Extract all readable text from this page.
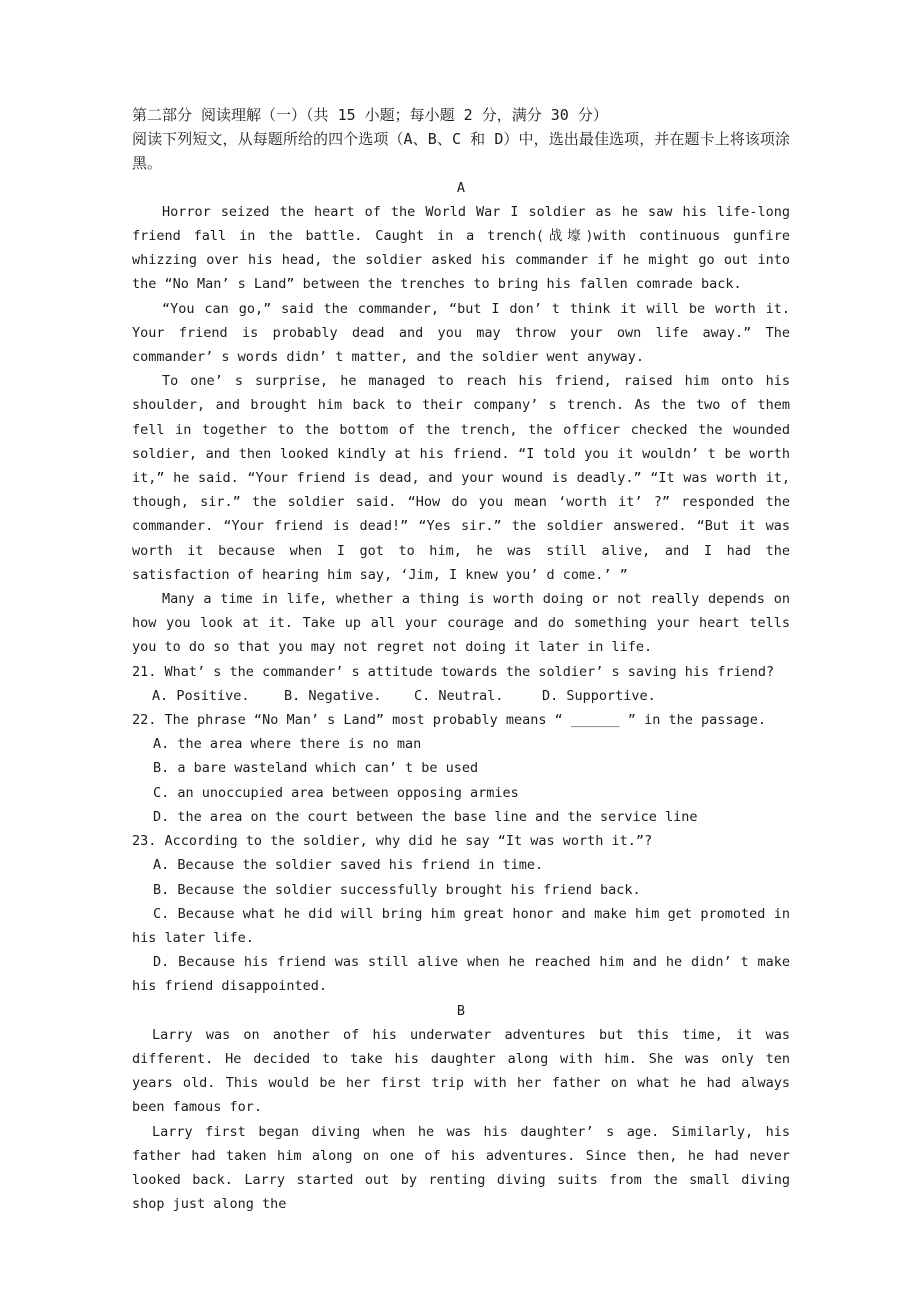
第二部分 阅读理解（一）（共 15 小题；每小题 2 分，满分 30 分）

阅读下列短文，从每题所给的四个选项（A、B、C 和 D）中，选出最佳选项，并在题卡上将该项涂黑。

A

Horror seized the heart of the World War I soldier as he saw his life-long friend fall in the battle. Caught in a trench(战壕)with continuous gunfire whizzing over his head, the soldier asked his commander if he might go out into the “No Man’ s Land” between the trenches to bring his fallen comrade back.

“You can go,” said the commander, “but I don’ t think it will be worth it. Your friend is probably dead and you may throw your own life away.” The commander’ s words didn’ t matter, and the soldier went anyway.

To one’ s surprise, he managed to reach his friend, raised him onto his shoulder, and brought him back to their company’ s trench. As the two of them fell in together to the bottom of the trench, the officer checked the wounded soldier, and then looked kindly at his friend. “I told you it wouldn’ t be worth it,” he said. “Your friend is dead, and your wound is deadly.” “It was worth it, though, sir.” the soldier said. “How do you mean ‘worth it’ ?” responded the commander. “Your friend is dead!” “Yes sir.” the soldier answered. “But it was worth it because when I got to him, he was still alive, and I had the satisfaction of hearing him say, ‘Jim, I knew you’ d come.’ ”

Many a time in life, whether a thing is worth doing or not really depends on how you look at it. Take up all your courage and do something your heart tells you to do so that you may not regret not doing it later in life.

21. What’ s the commander’ s attitude towards the soldier’ s saving his friend?

A. Positive.	B. Negative.	C. Neutral.	D. Supportive.

22. The phrase “No Man’ s Land” most probably means “ ______ ” in the passage.

A. the area where there is no man

B. a bare wasteland which can’ t be used

C. an unoccupied area between opposing armies

D. the area on the court between the base line and the service line

23. According to the soldier, why did he say “It was worth it.”?

A. Because the soldier saved his friend in time.

B. Because the soldier successfully brought his friend back.

C. Because what he did will bring him great honor and make him get promoted in his later life.

D. Because his friend was still alive when he reached him and he didn’ t make his friend disappointed.

B

Larry was on another of his underwater adventures but this time, it was different. He decided to take his daughter along with him. She was only ten years old. This would be her first trip with her father on what he had always been famous for.

Larry first began diving when he was his daughter’ s age. Similarly, his father had taken him along on one of his adventures. Since then, he had never looked back. Larry started out by renting diving suits from the small diving shop just along the
